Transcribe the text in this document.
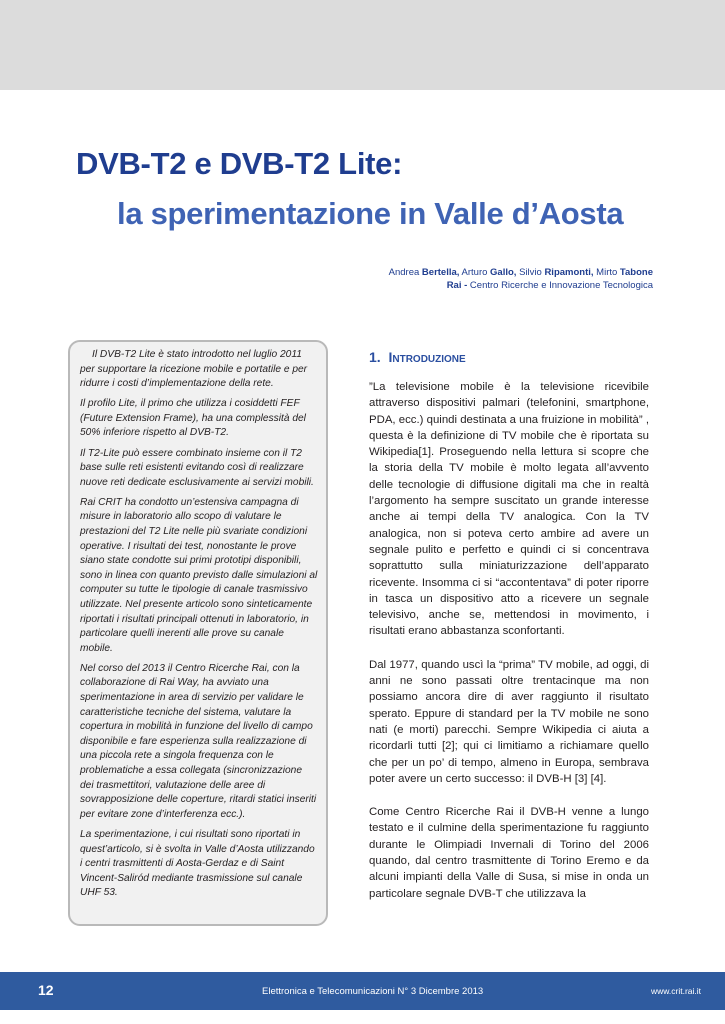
DVB-T2 e DVB-T2 Lite:
la sperimentazione in Valle d’Aosta
Andrea Bertella, Arturo Gallo, Silvio Ripamonti, Mirto Tabone
Rai - Centro Ricerche e Innovazione Tecnologica

Il DVB-T2 Lite è stato introdotto nel luglio 2011 per supportare la ricezione mobile e portatile e per ridurre i costi d’implementazione della rete.

Il profilo Lite, il primo che utilizza i cosiddetti FEF (Future Extension Frame), ha una complessità del 50% inferiore rispetto al DVB-T2.

Il T2-Lite può essere combinato insieme con il T2 base sulle reti esistenti evitando così di realizzare nuove reti dedicate esclusivamente ai servizi mobili.

Rai CRIT ha condotto un’estensiva campagna di misure in laboratorio allo scopo di valutare le prestazioni del T2 Lite nelle più svariate condizioni operative. I risultati dei test, nonostante le prove siano state condotte sui primi prototipi disponibili, sono in linea con quanto previsto dalle simulazioni al computer su tutte le tipologie di canale trasmissivo utilizzate. Nel presente articolo sono sinteticamente riportati i risultati principali ottenuti in laboratorio, in particolare quelli inerenti alle prove su canale mobile.

Nel corso del 2013 il Centro Ricerche Rai, con la collaborazione di Rai Way, ha avviato una sperimentazione in area di servizio per validare le caratteristiche tecniche del sistema, valutare la copertura in mobilità in funzione del livello di campo disponibile e fare esperienza sulla realizzazione di una piccola rete a singola frequenza con le problematiche a essa collegata (sincronizzazione dei trasmettitori, valutazione delle aree di sovrapposizione delle coperture, ritardi statici inseriti per evitare zone d’interferenza ecc.).

La sperimentazione, i cui risultati sono riportati in quest’articolo, si è svolta in Valle d’Aosta utilizzando i centri trasmittenti di Aosta-Gerdaz e di Saint Vincent-Saliród mediante trasmissione sul canale UHF 53.

1. Introduzione

”La televisione mobile è la televisione ricevibile attraverso dispositivi palmari (telefonini, smartphone, PDA, ecc.) quindi destinata a una fruizione in mobilità” , questa è la definizione di TV mobile che è riportata su Wikipedia[1]. Proseguendo nella lettura si scopre che la storia della TV mobile è molto legata all’avvento delle tecnologie di diffusione digitali ma che in realtà l’argomento ha sempre suscitato un grande interesse anche ai tempi della TV analogica. Con la TV analogica, non si poteva certo ambire ad avere un segnale pulito e perfetto e quindi ci si concentrava soprattutto sulla miniaturizzazione dell’apparato ricevente. Insomma ci si “accontentava” di poter riporre in tasca un dispositivo atto a ricevere un segnale televisivo, anche se, mettendosi in movimento, i risultati erano abbastanza sconfortanti.

Dal 1977, quando uscì la “prima” TV mobile, ad oggi, di anni ne sono passati oltre trentacinque ma non possiamo ancora dire di aver raggiunto il risultato sperato. Eppure di standard per la TV mobile ne sono nati (e morti) parecchi. Sempre Wikipedia ci aiuta a ricordarli tutti [2]; qui ci limitiamo a richiamare quello che per un po’ di tempo, almeno in Europa, sembrava poter avere un certo successo: il DVB-H [3] [4].

Come Centro Ricerche Rai il DVB-H venne a lungo testato e il culmine della sperimentazione fu raggiunto durante le Olimpiadi Invernali di Torino del 2006 quando, dal centro trasmittente di Torino Eremo e da alcuni impianti della Valle di Susa, si mise in onda un particolare segnale DVB-T che utilizzava la

12	Elettronica e Telecomunicazioni N° 3 Dicembre 2013	www.crit.rai.it
